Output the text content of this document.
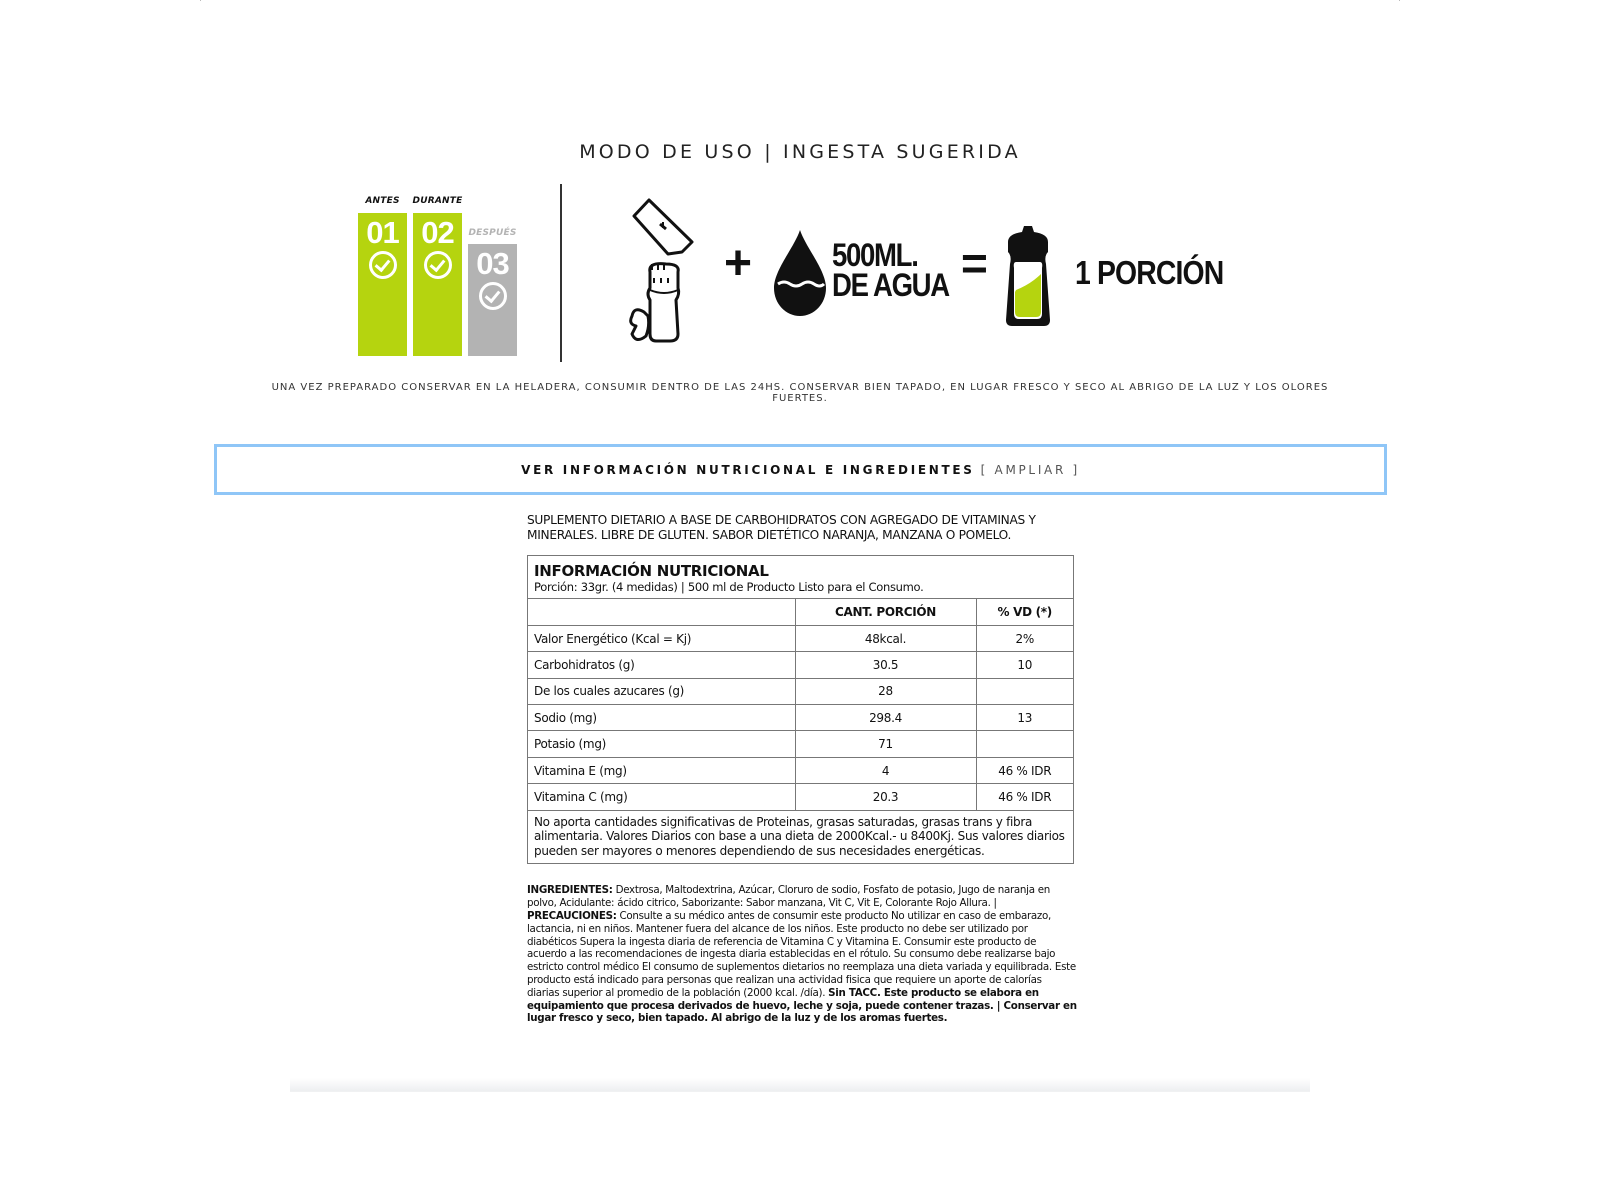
MODO DE USO | INGESTA SUGERIDA
ANTES
01
DURANTE
02 DESPUÉS
03	+ 500ML.
DE AGUA =	1 PORCIÓN

UNA VEZ PREPARADO CONSERVAR EN LA HELADERA, CONSUMIR DENTRO DE LAS 24HS. CONSERVAR BIEN TAPADO, EN LUGAR FRESCO Y SECO AL ABRIGO DE LA LUZ Y LOS OLORES FUERTES.

VER INFORMACIÓN NUTRICIONAL E INGREDIENTES [ AMPLIAR ]

SUPLEMENTO DIETARIO A BASE DE CARBOHIDRATOS CON AGREGADO DE VITAMINAS Y MINERALES. LIBRE DE GLUTEN. SABOR DIETÉTICO NARANJA, MANZANA O POMELO.

INFORMACIÓN NUTRICIONAL
Porción: 33gr. (4 medidas) | 500 ml de Producto Listo para el Consumo.
	CANT. PORCIÓN	% VD (*)
Valor Energético (Kcal = Kj)	48kcal.	2%
Carbohidratos (g)	30.5	10
De los cuales azucares (g)	28	
Sodio (mg)	298.4	13
Potasio (mg)	71	
Vitamina E (mg)	4	46 % IDR
Vitamina C (mg)	20.3	46 % IDR

No aporta cantidades significativas de Proteinas, grasas saturadas, grasas trans y fibra alimentaria. Valores Diarios con base a una dieta de 2000Kcal.- u 8400Kj. Sus valores diarios pueden ser mayores o menores dependiendo de sus necesidades energéticas.

INGREDIENTES: Dextrosa, Maltodextrina, Azúcar, Cloruro de sodio, Fosfato de potasio, Jugo de naranja en polvo, Acidulante: ácido citrico, Saborizante: Sabor manzana, Vit C, Vit E, Colorante Rojo Allura. | PRECAUCIONES: Consulte a su médico antes de consumir este producto No utilizar en caso de embarazo, lactancia, ni en niños. Mantener fuera del alcance de los niños. Este producto no debe ser utilizado por diabéticos Supera la ingesta diaria de referencia de Vitamina C y Vitamina E. Consumir este producto de acuerdo a las recomendaciones de ingesta diaria establecidas en el rótulo. Su consumo debe realizarse bajo estricto control médico El consumo de suplementos dietarios no reemplaza una dieta variada y equilibrada. Este producto está indicado para personas que realizan una actividad fisica que requiere un aporte de calorías diarias superior al promedio de la población (2000 kcal. /día). Sin TACC. Este producto se elabora en equipamiento que procesa derivados de huevo, leche y soja, puede contener trazas. | Conservar en lugar fresco y seco, bien tapado. Al abrigo de la luz y de los aromas fuertes.
